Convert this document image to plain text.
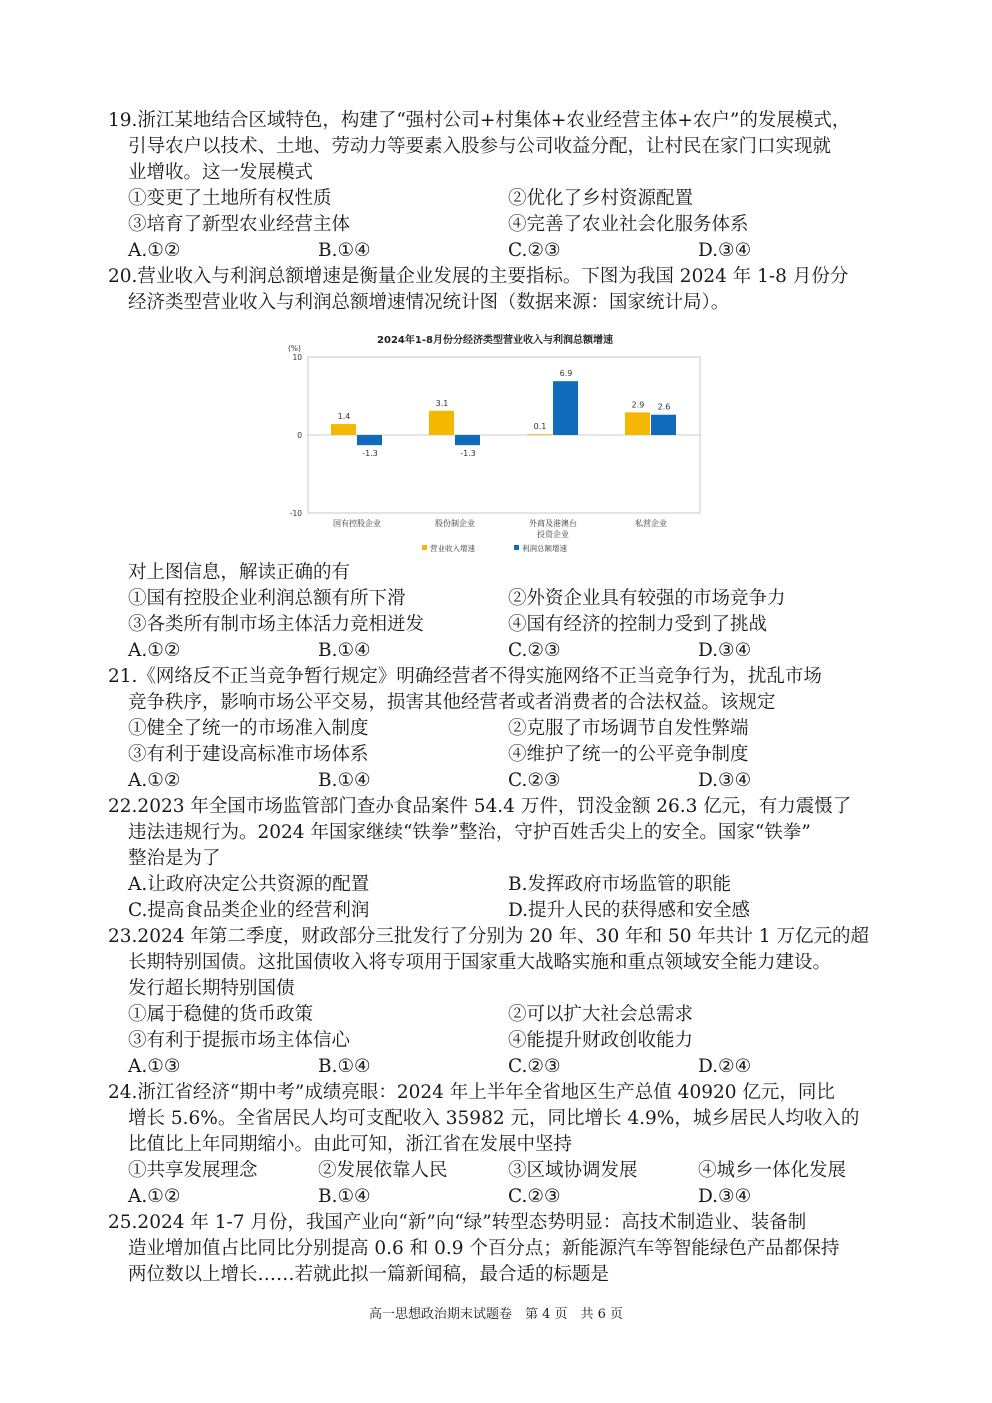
19.浙江某地结合区域特色，构建了“强村公司+村集体+农业经营主体+农户”的发展模式，
引导农户以技术、土地、劳动力等要素入股参与公司收益分配，让村民在家门口实现就
业增收。这一发展模式
①变更了土地所有权性质	②优化了乡村资源配置
③培育了新型农业经营主体	④完善了农业社会化服务体系
A.①②	B.①④	C.②③	D.③④
20.营业收入与利润总额增速是衡量企业发展的主要指标。下图为我国 2024 年 1-8 月份分
经济类型营业收入与利润总额增速情况统计图（数据来源：国家统计局）。
2024年1-8月份分经济类型营业收入与利润总额增速
(%)
10
0
-10
1.4
3.1
0.1
2.9
-1.3	-1.3
6.9
2.6
国有控股企业	股份制企业	外商及港澳台
投资企业
私营企业
营业收入增速	利润总额增速
对上图信息，解读正确的有
①国有控股企业利润总额有所下滑	②外资企业具有较强的市场竞争力
③各类所有制市场主体活力竞相迸发	④国有经济的控制力受到了挑战
A.①②	B.①④	C.②③	D.③④
21.《网络反不正当竞争暂行规定》明确经营者不得实施网络不正当竞争行为，扰乱市场
竞争秩序，影响市场公平交易，损害其他经营者或者消费者的合法权益。该规定
①健全了统一的市场准入制度	②克服了市场调节自发性弊端
③有利于建设高标准市场体系	④维护了统一的公平竞争制度
A.①②	B.①④	C.②③	D.③④
22.2023 年全国市场监管部门查办食品案件 54.4 万件，罚没金额 26.3 亿元，有力震慑了
违法违规行为。2024 年国家继续“铁拳”整治，守护百姓舌尖上的安全。国家“铁拳”
整治是为了
A.让政府决定公共资源的配置	B.发挥政府市场监管的职能
C.提高食品类企业的经营利润	D.提升人民的获得感和安全感
23.2024 年第二季度，财政部分三批发行了分别为 20 年、30 年和 50 年共计 1 万亿元的超
长期特别国债。这批国债收入将专项用于国家重大战略实施和重点领域安全能力建设。
发行超长期特别国债
①属于稳健的货币政策	②可以扩大社会总需求
③有利于提振市场主体信心	④能提升财政创收能力
A.①③	B.①④	C.②③	D.②④
24.浙江省经济“期中考”成绩亮眼：2024 年上半年全省地区生产总值 40920 亿元，同比
增长 5.6%。全省居民人均可支配收入 35982 元，同比增长 4.9%，城乡居民人均收入的
比值比上年同期缩小。由此可知，浙江省在发展中坚持
①共享发展理念	②发展依靠人民	③区域协调发展	④城乡一体化发展
A.①②	B.①④	C.②③	D.③④
25.2024 年 1-7 月份，我国产业向“新”向“绿”转型态势明显：高技术制造业、装备制
造业增加值占比同比分别提高 0.6 和 0.9 个百分点；新能源汽车等智能绿色产品都保持
两位数以上增长……若就此拟一篇新闻稿，最合适的标题是
高一思想政治期末试题卷　第 4 页　共 6 页
